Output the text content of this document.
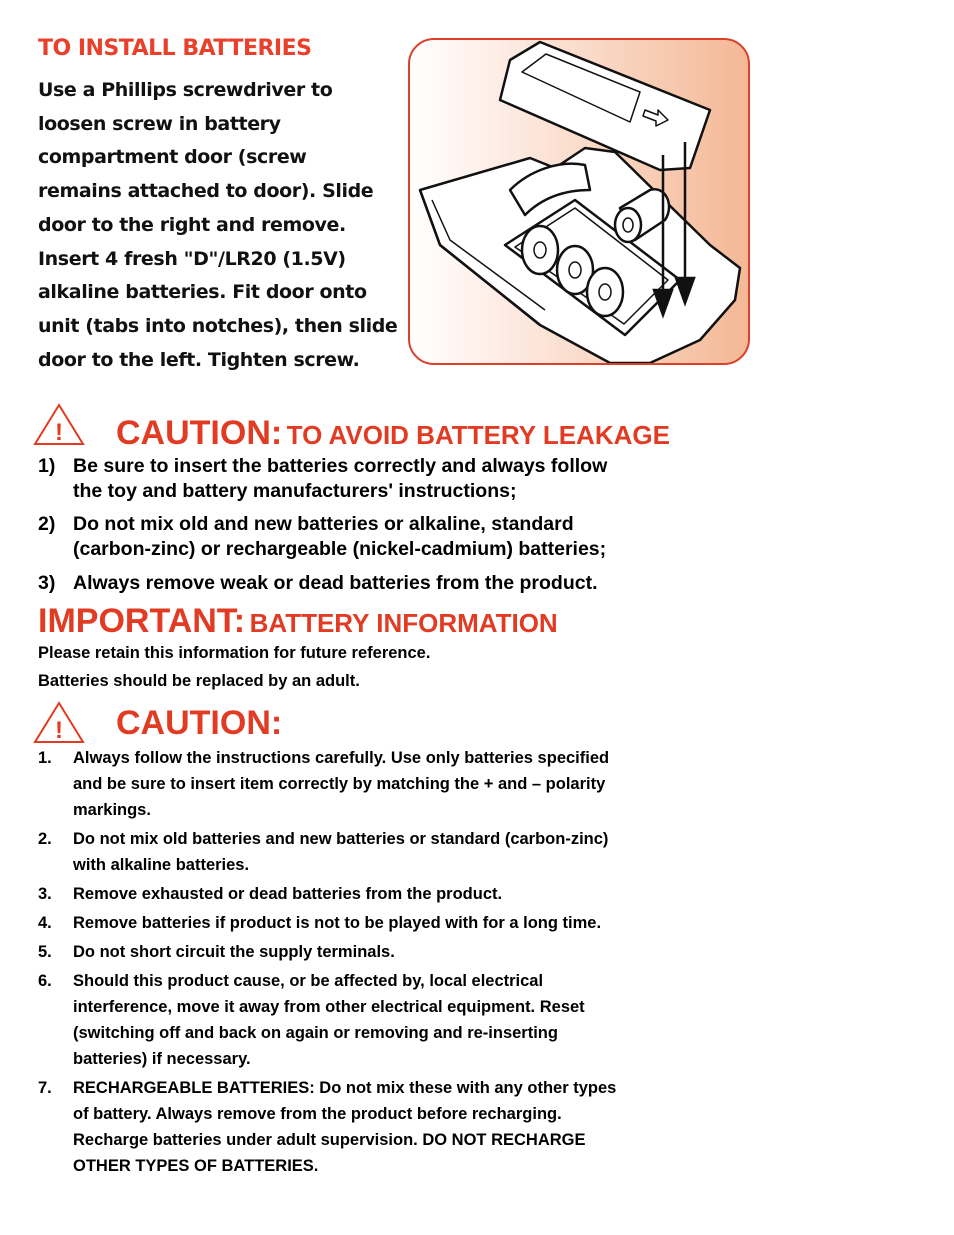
TO INSTALL BATTERIES
Use a Phillips screwdriver to
loosen screw in battery
compartment door (screw
remains attached to door). Slide
door to the right and remove.
Insert 4 fresh "D"/LR20 (1.5V)
alkaline batteries. Fit door onto
unit (tabs into notches), then slide
door to the left. Tighten screw.
! CAUTION: TO AVOID BATTERY LEAKAGE
1) Be sure to insert the batteries correctly and always follow
the toy and battery manufacturers' instructions;
2) Do not mix old and new batteries or alkaline, standard
(carbon-zinc) or rechargeable (nickel-cadmium) batteries;
3) Always remove weak or dead batteries from the product.
IMPORTANT: BATTERY INFORMATION
Please retain this information for future reference.
Batteries should be replaced by an adult.
! CAUTION:
1. Always follow the instructions carefully. Use only batteries specified
and be sure to insert item correctly by matching the + and – polarity
markings.
2. Do not mix old batteries and new batteries or standard (carbon-zinc)
with alkaline batteries.
3. Remove exhausted or dead batteries from the product.
4. Remove batteries if product is not to be played with for a long time.
5. Do not short circuit the supply terminals.
6. Should this product cause, or be affected by, local electrical
interference, move it away from other electrical equipment. Reset
(switching off and back on again or removing and re-inserting
batteries) if necessary.
7. RECHARGEABLE BATTERIES: Do not mix these with any other types
of battery. Always remove from the product before recharging.
Recharge batteries under adult supervision. DO NOT RECHARGE
OTHER TYPES OF BATTERIES.
